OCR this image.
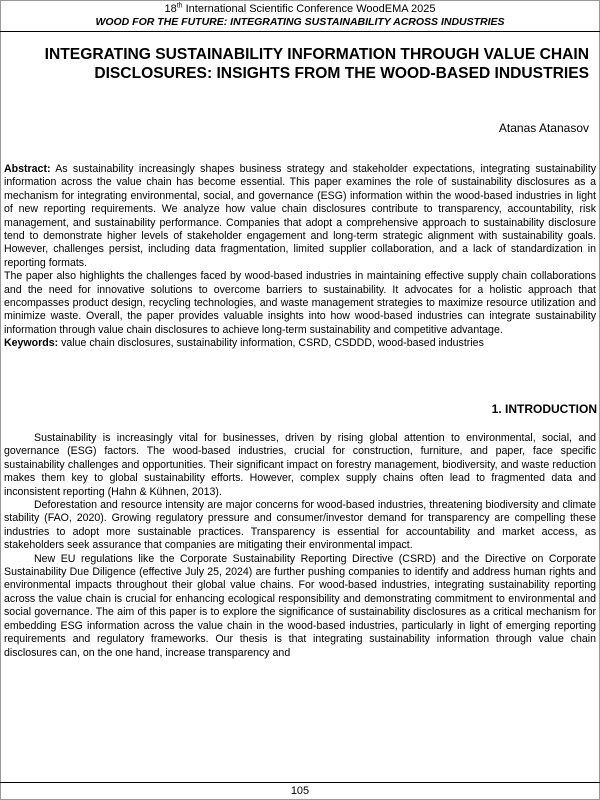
18th International Scientific Conference WoodEMA 2025
WOOD FOR THE FUTURE: INTEGRATING SUSTAINABILITY ACROSS INDUSTRIES
INTEGRATING SUSTAINABILITY INFORMATION THROUGH VALUE CHAIN DISCLOSURES: INSIGHTS FROM THE WOOD-BASED INDUSTRIES
Atanas Atanasov

Abstract: As sustainability increasingly shapes business strategy and stakeholder expectations, integrating sustainability information across the value chain has become essential. This paper examines the role of sustainability disclosures as a mechanism for integrating environmental, social, and governance (ESG) information within the wood-based industries in light of new reporting requirements. We analyze how value chain disclosures contribute to transparency, accountability, risk management, and sustainability performance. Companies that adopt a comprehensive approach to sustainability disclosure tend to demonstrate higher levels of stakeholder engagement and long-term strategic alignment with sustainability goals. However, challenges persist, including data fragmentation, limited supplier collaboration, and a lack of standardization in reporting formats.

The paper also highlights the challenges faced by wood-based industries in maintaining effective supply chain collaborations and the need for innovative solutions to overcome barriers to sustainability. It advocates for a holistic approach that encompasses product design, recycling technologies, and waste management strategies to maximize resource utilization and minimize waste. Overall, the paper provides valuable insights into how wood-based industries can integrate sustainability information through value chain disclosures to achieve long-term sustainability and competitive advantage.

Keywords: value chain disclosures, sustainability information, CSRD, CSDDD, wood-based industries

1. INTRODUCTION

Sustainability is increasingly vital for businesses, driven by rising global attention to environmental, social, and governance (ESG) factors. The wood-based industries, crucial for construction, furniture, and paper, face specific sustainability challenges and opportunities. Their significant impact on forestry management, biodiversity, and waste reduction makes them key to global sustainability efforts. However, complex supply chains often lead to fragmented data and inconsistent reporting (Hahn & Kühnen, 2013).

Deforestation and resource intensity are major concerns for wood-based industries, threatening biodiversity and climate stability (FAO, 2020). Growing regulatory pressure and consumer/investor demand for transparency are compelling these industries to adopt more sustainable practices. Transparency is essential for accountability and market access, as stakeholders seek assurance that companies are mitigating their environmental impact.

New EU regulations like the Corporate Sustainability Reporting Directive (CSRD) and the Directive on Corporate Sustainability Due Diligence (effective July 25, 2024) are further pushing companies to identify and address human rights and environmental impacts throughout their global value chains. For wood-based industries, integrating sustainability reporting across the value chain is crucial for enhancing ecological responsibility and demonstrating commitment to environmental and social governance. The aim of this paper is to explore the significance of sustainability disclosures as a critical mechanism for embedding ESG information across the value chain in the wood-based industries, particularly in light of emerging reporting requirements and regulatory frameworks. Our thesis is that integrating sustainability information through value chain disclosures can, on the one hand, increase transparency and

105
